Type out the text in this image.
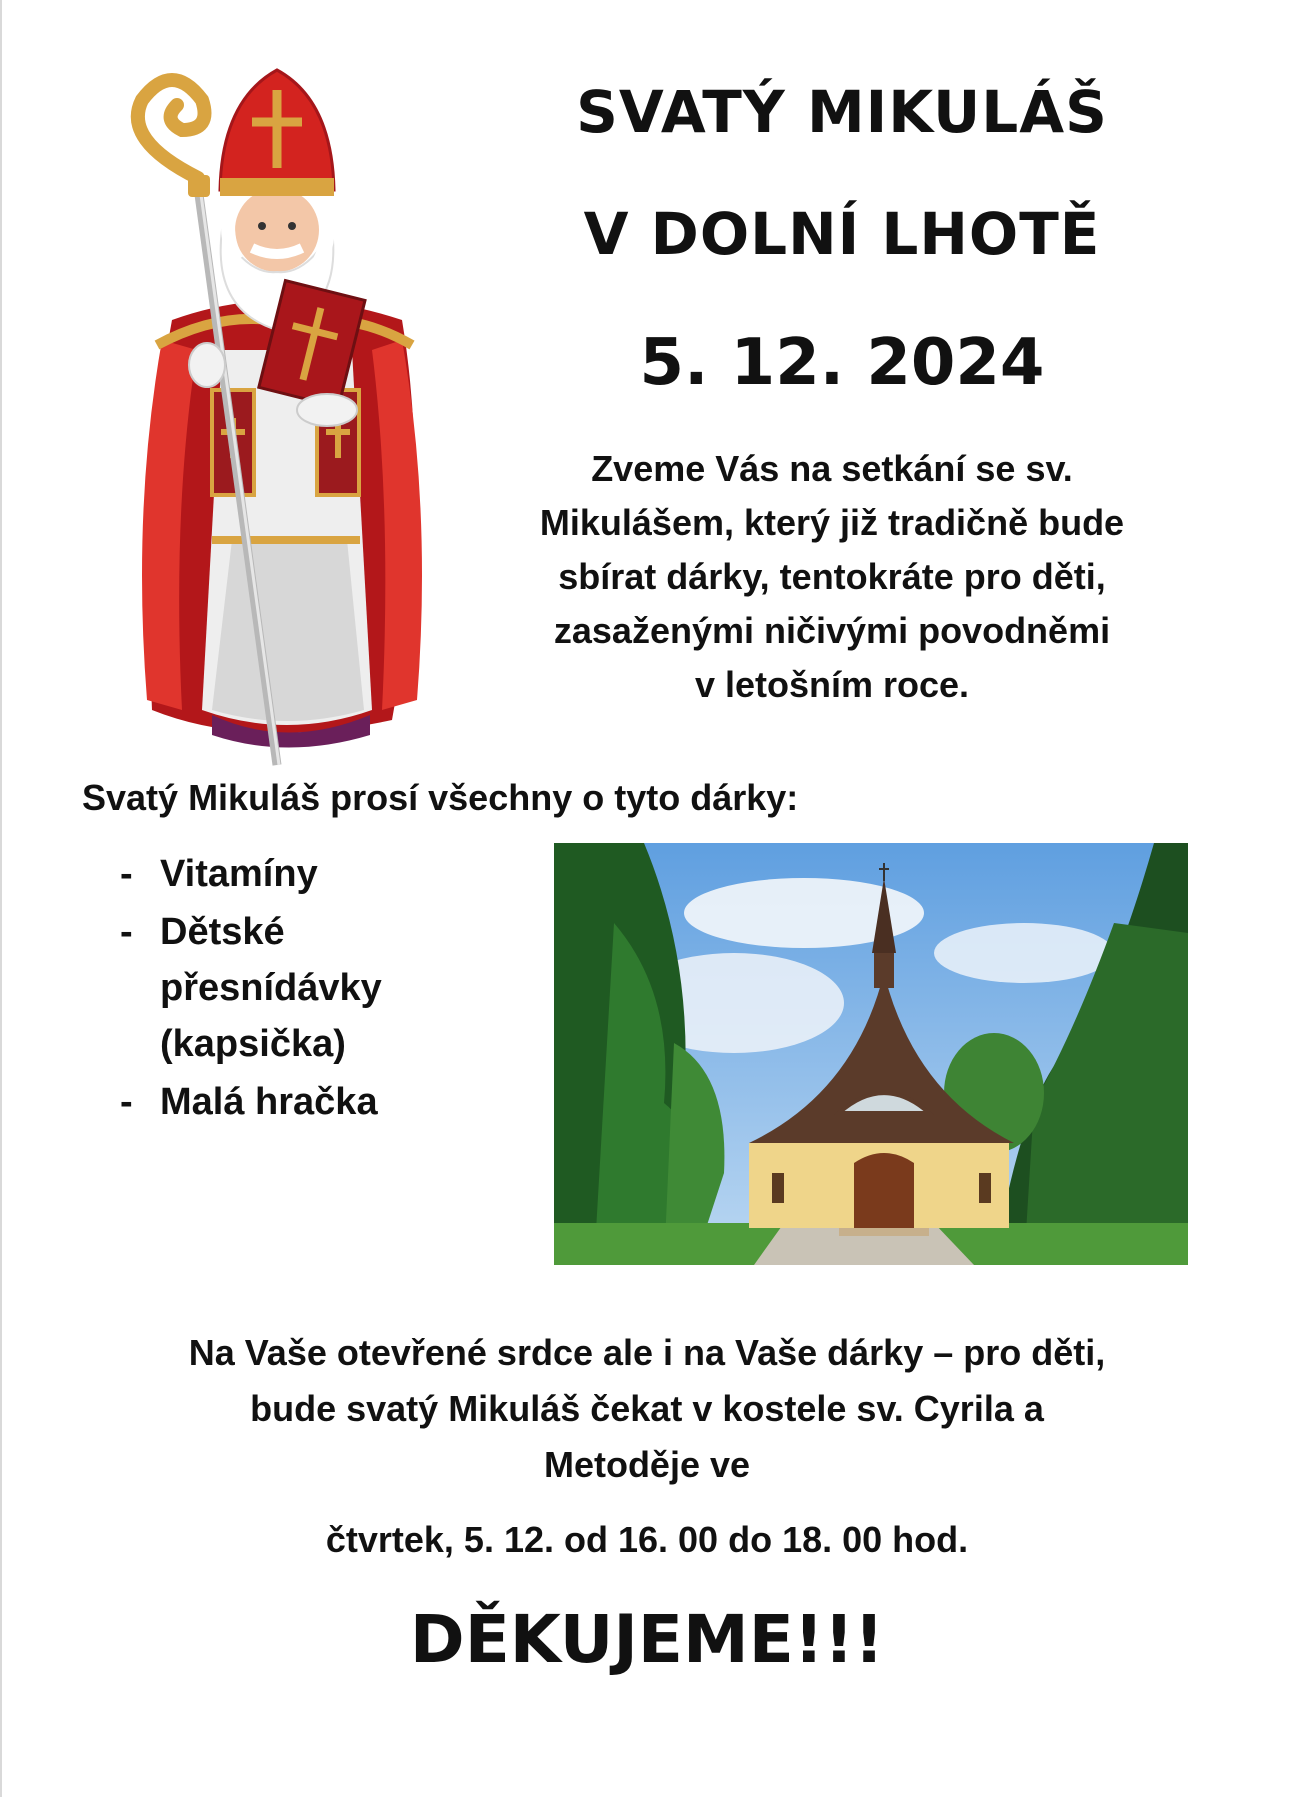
SVATÝ MIKULÁŠ
V DOLNÍ LHOTĚ
5. 12. 2024
Zveme Vás na setkání se sv.
Mikulášem, který již tradičně bude
sbírat dárky, tentokráte pro děti,
zasaženými ničivými povodněmi
v letošním roce.
Svatý Mikuláš prosí všechny o tyto dárky:
- Vitamíny
- Dětské
přesnídávky
(kapsička)
- Malá hračka
Na Vaše otevřené srdce ale i na Vaše dárky – pro děti,
bude svatý Mikuláš čekat v kostele sv. Cyrila a
Metoděje ve
čtvrtek, 5. 12. od 16. 00 do 18. 00 hod.
DĚKUJEME!!!
